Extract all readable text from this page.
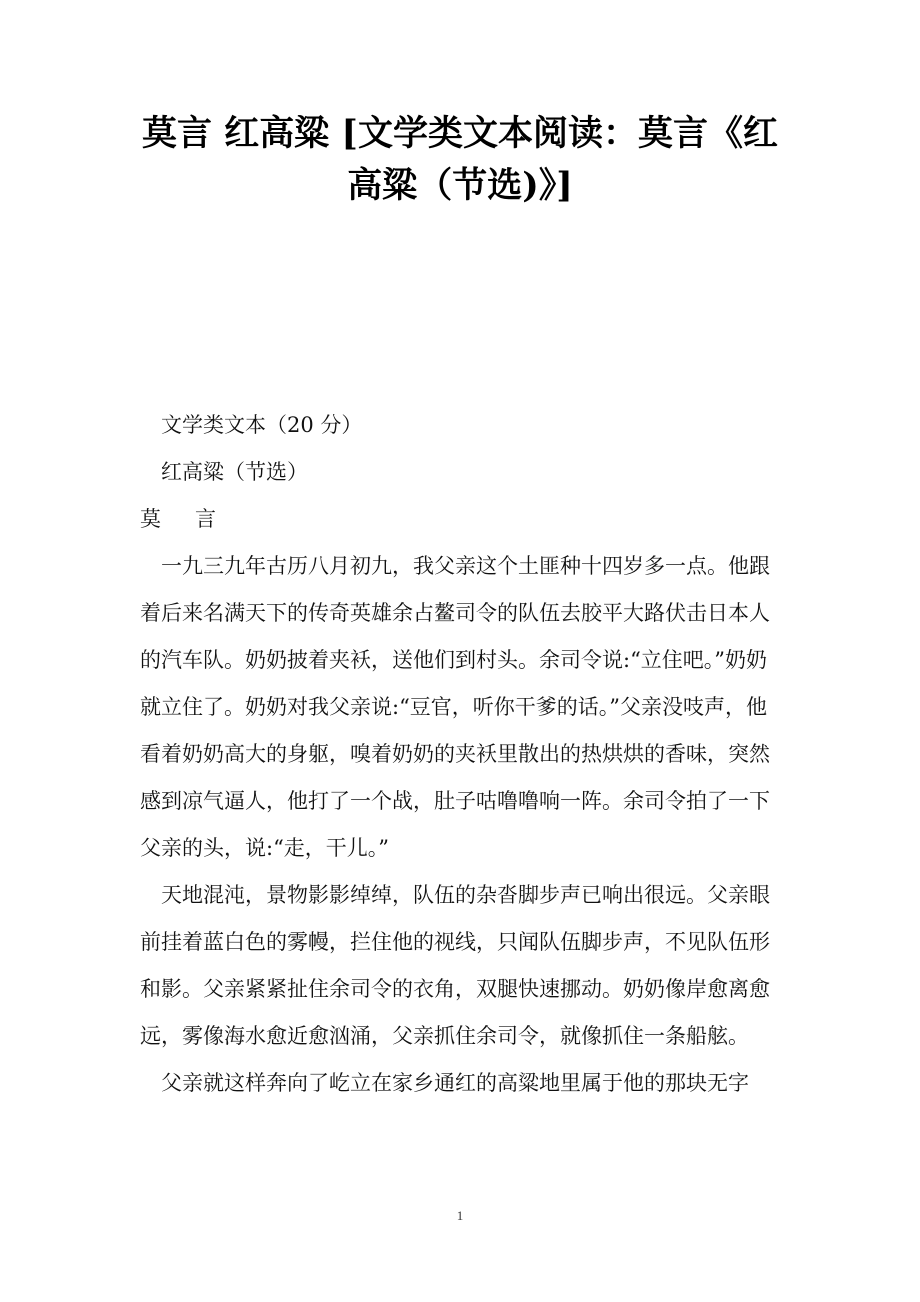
莫言 红高粱 [文学类文本阅读：莫言《红高粱（节选)》]

文学类文本（20 分）

红高粱（节选）

莫言

一九三九年古历八月初九，我父亲这个土匪种十四岁多一点。他跟着后来名满天下的传奇英雄余占鳌司令的队伍去胶平大路伏击日本人的汽车队。奶奶披着夹袄，送他们到村头。余司令说:“立住吧。”奶奶就立住了。奶奶对我父亲说:“豆官，听你干爹的话。”父亲没吱声，他看着奶奶高大的身躯，嗅着奶奶的夹袄里散出的热烘烘的香味，突然感到凉气逼人，他打了一个战，肚子咕噜噜响一阵。余司令拍了一下父亲的头，说:“走，干儿。”

天地混沌，景物影影绰绰，队伍的杂沓脚步声已响出很远。父亲眼前挂着蓝白色的雾幔，拦住他的视线，只闻队伍脚步声，不见队伍形和影。父亲紧紧扯住余司令的衣角，双腿快速挪动。奶奶像岸愈离愈远，雾像海水愈近愈汹涌，父亲抓住余司令，就像抓住一条船舷。

父亲就这样奔向了屹立在家乡通红的高粱地里属于他的那块无字

1
